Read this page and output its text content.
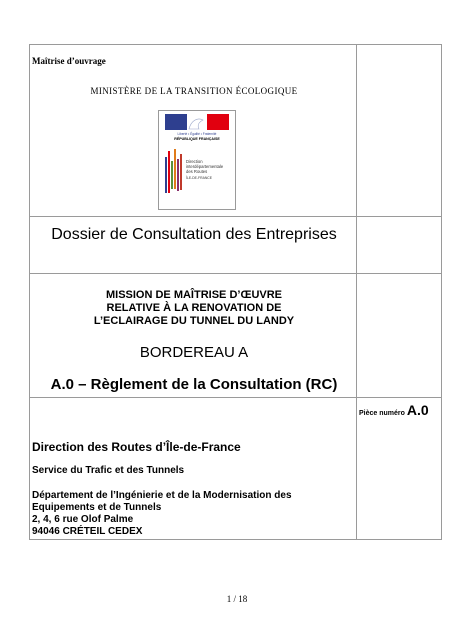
Maîtrise d’ouvrage
MINISTÈRE DE LA TRANSITION ÉCOLOGIQUE
Liberté • Égalité • Fraternité
RÉPUBLIQUE FRANÇAISE
Direction
interdépartementale
des Routes
ÎLE-DE-FRANCE
Dossier de Consultation des Entreprises
MISSION DE MAÎTRISE D’ŒUVRE RELATIVE À LA RENOVATION DE L’ECLAIRAGE DU TUNNEL DU LANDY
BORDEREAU A
A.0 – Règlement de la Consultation (RC)
Pièce numéro A.0
Direction des Routes d’Île-de-France
Service du Trafic et des Tunnels
Département de l’Ingénierie et de la Modernisation des Equipements et de Tunnels
2, 4, 6 rue Olof Palme
94046 CRÉTEIL CEDEX
1 / 18
